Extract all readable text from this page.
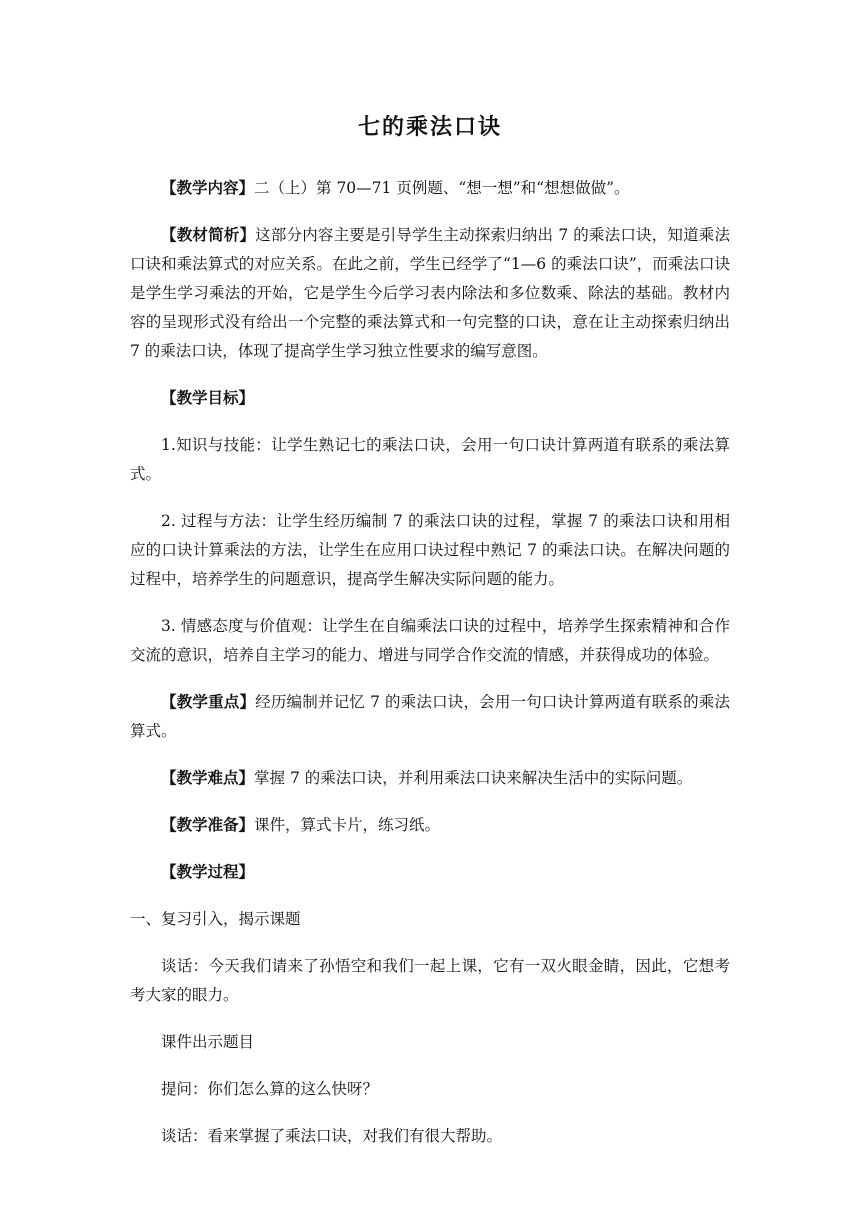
七的乘法口诀

【教学内容】二（上）第 70—71 页例题、“想一想”和“想想做做”。

【教材简析】这部分内容主要是引导学生主动探索归纳出 7 的乘法口诀，知道乘法口诀和乘法算式的对应关系。在此之前，学生已经学了“1—6 的乘法口诀”，而乘法口诀是学生学习乘法的开始，它是学生今后学习表内除法和多位数乘、除法的基础。教材内容的呈现形式没有给出一个完整的乘法算式和一句完整的口诀，意在让主动探索归纳出 7 的乘法口诀，体现了提高学生学习独立性要求的编写意图。

【教学目标】

1.知识与技能：让学生熟记七的乘法口诀，会用一句口诀计算两道有联系的乘法算式。

2. 过程与方法：让学生经历编制 7 的乘法口诀的过程，掌握 7 的乘法口诀和用相应的口诀计算乘法的方法，让学生在应用口诀过程中熟记 7 的乘法口诀。在解决问题的过程中，培养学生的问题意识，提高学生解决实际问题的能力。

3. 情感态度与价值观：让学生在自编乘法口诀的过程中，培养学生探索精神和合作交流的意识，培养自主学习的能力、增进与同学合作交流的情感，并获得成功的体验。

【教学重点】经历编制并记忆 7 的乘法口诀，会用一句口诀计算两道有联系的乘法算式。

【教学难点】掌握 7 的乘法口诀，并利用乘法口诀来解决生活中的实际问题。

【教学准备】课件，算式卡片，练习纸。

【教学过程】

一、复习引入，揭示课题

谈话：今天我们请来了孙悟空和我们一起上课，它有一双火眼金睛，因此，它想考考大家的眼力。

课件出示题目

提问：你们怎么算的这么快呀？

谈话：看来掌握了乘法口诀，对我们有很大帮助。
